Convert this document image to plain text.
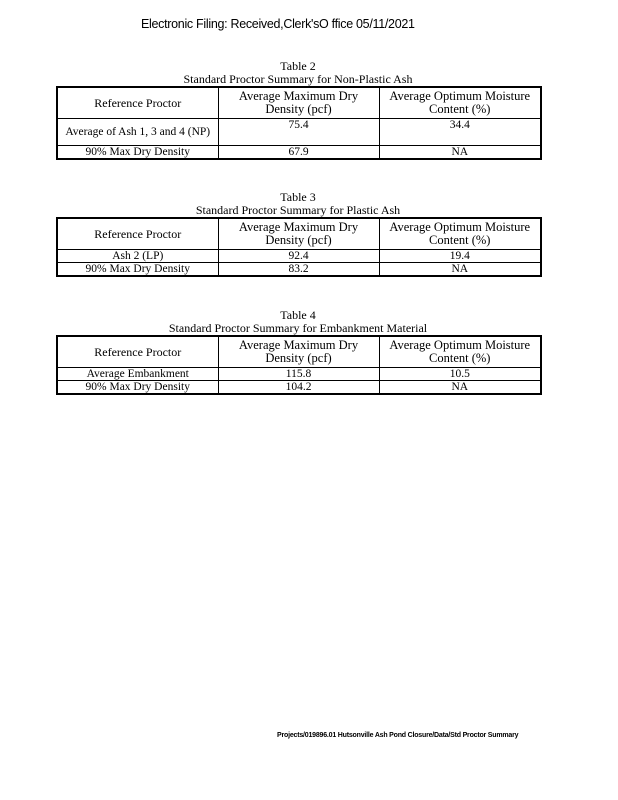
Electronic Filing: Received,Clerk'sO ffice 05/11/2021
Table 2
Standard Proctor Summary for Non-Plastic Ash
Reference Proctor	Average Maximum Dry Density (pcf)	Average Optimum Moisture Content (%)
Average of Ash 1, 3 and 4 (NP)	75.4	34.4
90% Max Dry Density	67.9	NA
Table 3
Standard Proctor Summary for Plastic Ash
Reference Proctor	Average Maximum Dry Density (pcf)	Average Optimum Moisture Content (%)
Ash 2 (LP)	92.4	19.4
90% Max Dry Density	83.2	NA
Table 4
Standard Proctor Summary for Embankment Material
Reference Proctor	Average Maximum Dry Density (pcf)	Average Optimum Moisture Content (%)
Average Embankment	115.8	10.5
90% Max Dry Density	104.2	NA
Projects/019896.01 Hutsonville Ash Pond Closure/Data/Std Proctor Summary
